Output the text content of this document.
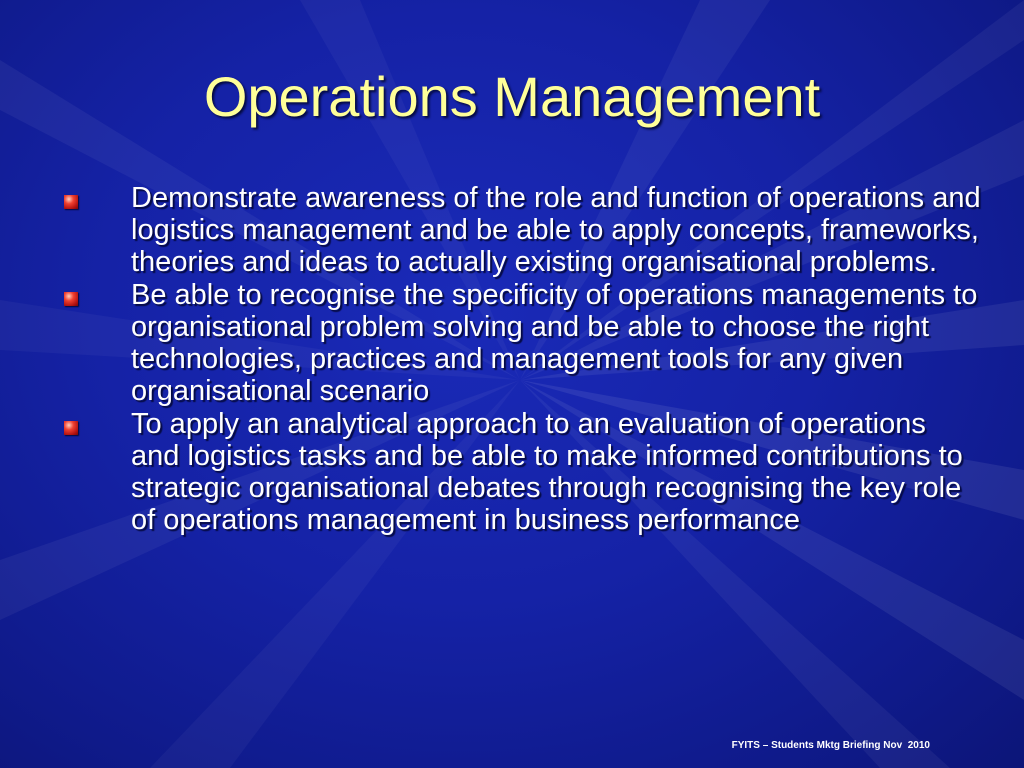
Operations Management
Demonstrate awareness of the role and function of operations and logistics management and be able to apply concepts, frameworks, theories and ideas to actually existing organisational problems.
Be able to recognise the specificity of operations managements to organisational problem solving and be able to choose the right technologies, practices and management tools for any given organisational scenario
To apply an analytical approach to an evaluation of operations and logistics tasks and be able to make informed contributions to strategic organisational debates through recognising the key role of operations management in business performance
FYITS – Students Mktg Briefing Nov  2010
